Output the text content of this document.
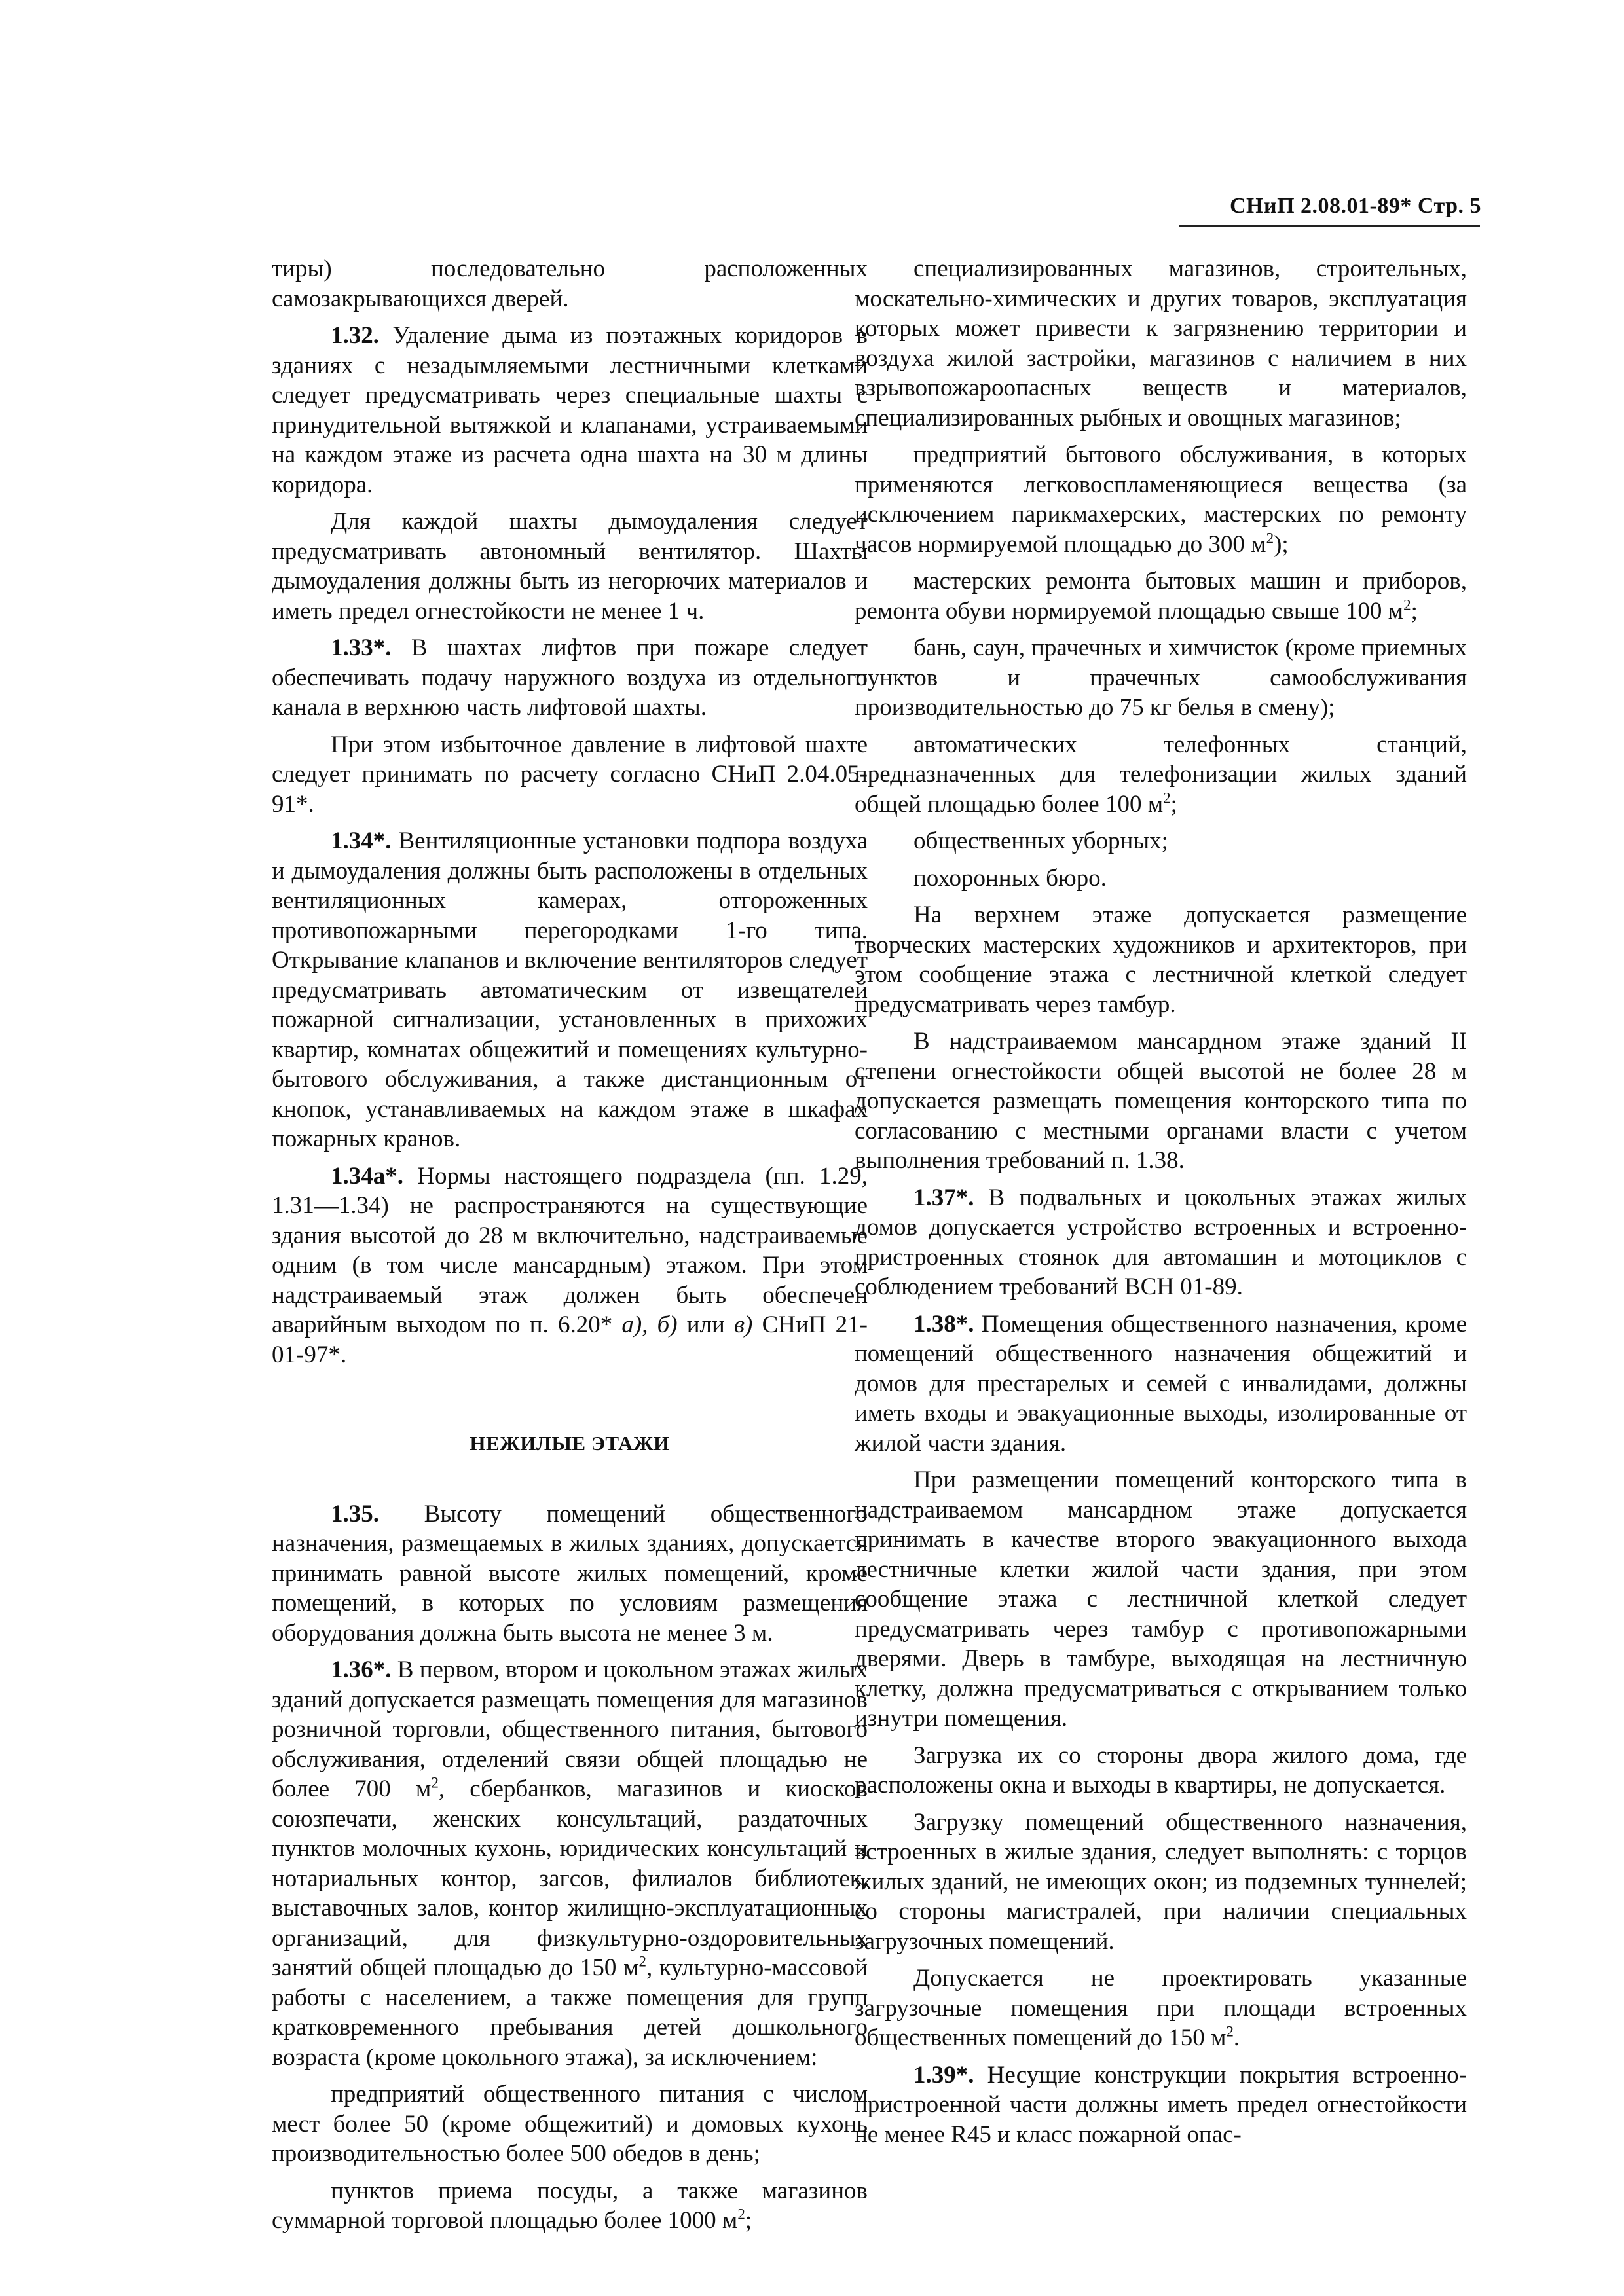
СНиП 2.08.01-89* Стр. 5

тиры) последовательно расположенных самозакрывающихся дверей.

1.32. Удаление дыма из поэтажных коридоров в зданиях с незадымляемыми лестничными клетками следует предусматривать через специальные шахты с принудительной вытяжкой и клапанами, устраиваемыми на каждом этаже из расчета одна шахта на 30 м длины коридора.

Для каждой шахты дымоудаления следует предусматривать автономный вентилятор. Шахты дымоудаления должны быть из негорючих материалов и иметь предел огнестойкости не менее 1 ч.

1.33*. В шахтах лифтов при пожаре следует обеспечивать подачу наружного воздуха из отдельного канала в верхнюю часть лифтовой шахты.

При этом избыточное давление в лифтовой шахте следует принимать по расчету согласно СНиП 2.04.05-91*.

1.34*. Вентиляционные установки подпора воздуха и дымоудаления должны быть расположены в отдельных вентиляционных камерах, отгороженных противопожарными перегородками 1-го типа. Открывание клапанов и включение вентиляторов следует предусматривать автоматическим от извещателей пожарной сигнализации, установленных в прихожих квартир, комнатах общежитий и помещениях культурно-бытового обслуживания, а также дистанционным от кнопок, устанавливаемых на каждом этаже в шкафах пожарных кранов.

1.34а*. Нормы настоящего подраздела (пп. 1.29, 1.31—1.34) не распространяются на существующие здания высотой до 28 м включительно, надстраиваемые одним (в том числе мансардным) этажом. При этом надстраиваемый этаж должен быть обеспечен аварийным выходом по п. 6.20* а), б) или в) СНиП 21-01-97*.

НЕЖИЛЫЕ ЭТАЖИ

1.35. Высоту помещений общественного назначения, размещаемых в жилых зданиях, допускается принимать равной высоте жилых помещений, кроме помещений, в которых по условиям размещения оборудования должна быть высота не менее 3 м.

1.36*. В первом, втором и цокольном этажах жилых зданий допускается размещать помещения для магазинов розничной торговли, общественного питания, бытового обслуживания, отделений связи общей площадью не более 700 $м^2$, сбербанков, магазинов и киосков союзпечати, женских консультаций, раздаточных пунктов молочных кухонь, юридических консультаций и нотариальных контор, загсов, филиалов библиотек, выставочных залов, контор жилищно-эксплуатационных организаций, для физкультурно-оздоровительных занятий общей площадью до 150 $м^2$, культурно-массовой работы с населением, а также помещения для групп кратковременного пребывания детей дошкольного возраста (кроме цокольного этажа), за исключением:

предприятий общественного питания с числом мест более 50 (кроме общежитий) и домовых кухонь производительностью более 500 обедов в день;

пунктов приема посуды, а также магазинов суммарной торговой площадью более 1000 $м^2$;

специализированных магазинов, строительных, москательно-химических и других товаров, эксплуатация которых может привести к загрязнению территории и воздуха жилой застройки, магазинов с наличием в них взрывопожароопасных веществ и материалов, специализированных рыбных и овощных магазинов;

предприятий бытового обслуживания, в которых применяются легковоспламеняющиеся вещества (за исключением парикмахерских, мастерских по ремонту часов нормируемой площадью до 300 $м^2$);

мастерских ремонта бытовых машин и приборов, ремонта обуви нормируемой площадью свыше 100 $м^2$;

бань, саун, прачечных и химчисток (кроме приемных пунктов и прачечных самообслуживания производительностью до 75 кг белья в смену);

автоматических телефонных станций, предназначенных для телефонизации жилых зданий общей площадью более 100 $м^2$;

общественных уборных;

похоронных бюро.

На верхнем этаже допускается размещение творческих мастерских художников и архитекторов, при этом сообщение этажа с лестничной клеткой следует предусматривать через тамбур.

В надстраиваемом мансардном этаже зданий II степени огнестойкости общей высотой не более 28 м допускается размещать помещения конторского типа по согласованию с местными органами власти с учетом выполнения требований п. 1.38.

1.37*. В подвальных и цокольных этажах жилых домов допускается устройство встроенных и встроенно-пристроенных стоянок для автомашин и мотоциклов с соблюдением требований ВСН 01-89.

1.38*. Помещения общественного назначения, кроме помещений общественного назначения общежитий и домов для престарелых и семей с инвалидами, должны иметь входы и эвакуационные выходы, изолированные от жилой части здания.

При размещении помещений конторского типа в надстраиваемом мансардном этаже допускается принимать в качестве второго эвакуационного выхода лестничные клетки жилой части здания, при этом сообщение этажа с лестничной клеткой следует предусматривать через тамбур с противопожарными дверями. Дверь в тамбуре, выходящая на лестничную клетку, должна предусматриваться с открыванием только изнутри помещения.

Загрузка их со стороны двора жилого дома, где расположены окна и выходы в квартиры, не допускается.

Загрузку помещений общественного назначения, встроенных в жилые здания, следует выполнять: с торцов жилых зданий, не имеющих окон; из подземных туннелей; со стороны магистралей, при наличии специальных загрузочных помещений.

Допускается не проектировать указанные загрузочные помещения при площади встроенных общественных помещений до 150 $м^2$.

1.39*. Несущие конструкции покрытия встроенно-пристроенной части должны иметь предел огнестойкости не менее R45 и класс пожарной опас-
